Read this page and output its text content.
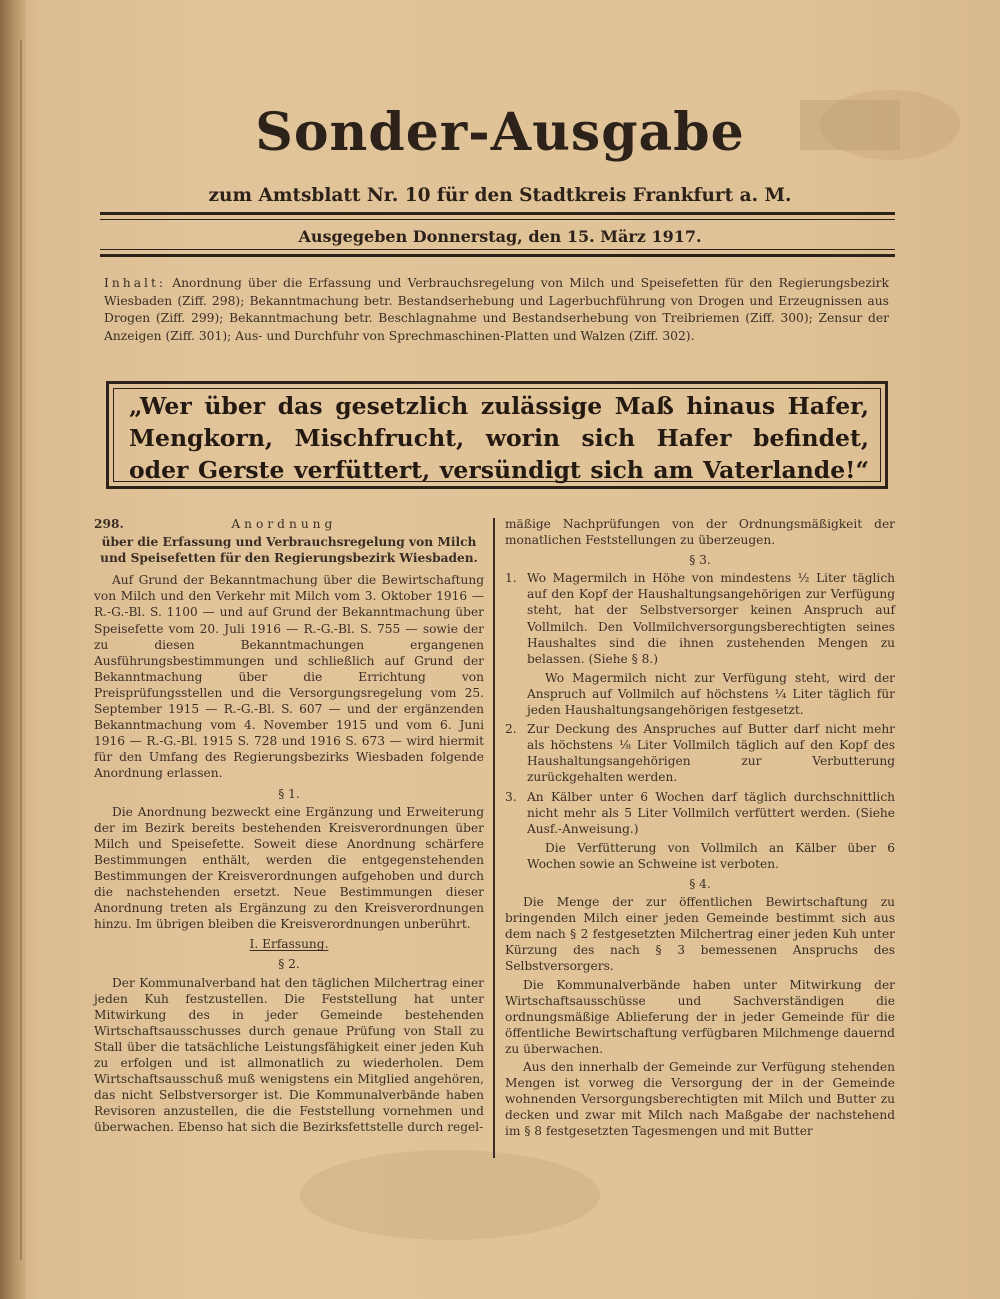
Sonder-Ausgabe
zum Amtsblatt Nr. 10 für den Stadtkreis Frankfurt a. M.
Ausgegeben Donnerstag, den 15. März 1917.
Inhalt: Anordnung über die Erfassung und Verbrauchsregelung von Milch und Speisefetten für den Regierungsbezirk Wiesbaden (Ziff. 298); Bekanntmachung betr. Bestandserhebung und Lagerbuchführung von Drogen und Erzeugnissen aus Drogen (Ziff. 299); Bekanntmachung betr. Beschlagnahme und Bestandserhebung von Treibriemen (Ziff. 300); Zensur der Anzeigen (Ziff. 301); Aus- und Durchfuhr von Sprechmaschinen-Platten und Walzen (Ziff. 302).
„Wer über das gesetzlich zulässige Maß hinaus Hafer, Mengkorn, Mischfrucht, worin sich Hafer befindet, oder Gerste verfüttert, versündigt sich am Vaterlande!“
298.	Anordnung
über die Erfassung und Verbrauchsregelung von Milch und Speisefetten für den Regierungsbezirk Wiesbaden.

Auf Grund der Bekanntmachung über die Bewirtschaftung von Milch und den Verkehr mit Milch vom 3. Oktober 1916 — R.-G.-Bl. S. 1100 — und auf Grund der Bekanntmachung über Speisefette vom 20. Juli 1916 — R.-G.-Bl. S. 755 — sowie der zu diesen Bekanntmachungen ergangenen Ausführungsbestimmungen und schließlich auf Grund der Bekanntmachung über die Errichtung von Preisprüfungsstellen und die Versorgungsregelung vom 25. September 1915 — R.-G.-Bl. S. 607 — und der ergänzenden Bekanntmachung vom 4. November 1915 und vom 6. Juni 1916 — R.-G.-Bl. 1915 S. 728 und 1916 S. 673 — wird hiermit für den Umfang des Regierungsbezirks Wiesbaden folgende Anordnung erlassen.

§ 1.

Die Anordnung bezweckt eine Ergänzung und Erweiterung der im Bezirk bereits bestehenden Kreisverordnungen über Milch und Speisefette. Soweit diese Anordnung schärfere Bestimmungen enthält, werden die entgegenstehenden Bestimmungen der Kreisverordnungen aufgehoben und durch die nachstehenden ersetzt. Neue Bestimmungen dieser Anordnung treten als Ergänzung zu den Kreisverordnungen hinzu. Im übrigen bleiben die Kreisverordnungen unberührt.

I. Erfassung.
§ 2.

Der Kommunalverband hat den täglichen Milchertrag einer jeden Kuh festzustellen. Die Feststellung hat unter Mitwirkung des in jeder Gemeinde bestehenden Wirtschaftsausschusses durch genaue Prüfung von Stall zu Stall über die tatsächliche Leistungsfähigkeit einer jeden Kuh zu erfolgen und ist allmonatlich zu wiederholen. Dem Wirtschaftsausschuß muß wenigstens ein Mitglied angehören, das nicht Selbstversorger ist. Die Kommunalverbände haben Revisoren anzustellen, die die Feststellung vornehmen und überwachen. Ebenso hat sich die Bezirksfettstelle durch regel-

mäßige Nachprüfungen von der Ordnungsmäßigkeit der monatlichen Feststellungen zu überzeugen.

§ 3.
1. Wo Magermilch in Höhe von mindestens ½ Liter täglich auf den Kopf der Haushaltungsangehörigen zur Verfügung steht, hat der Selbstversorger keinen Anspruch auf Vollmilch. Den Vollmilchversorgungsberechtigten seines Haushaltes sind die ihnen zustehenden Mengen zu belassen. (Siehe § 8.)
Wo Magermilch nicht zur Verfügung steht, wird der Anspruch auf Vollmilch auf höchstens ¼ Liter täglich für jeden Haushaltungsangehörigen festgesetzt.
2. Zur Deckung des Anspruches auf Butter darf nicht mehr als höchstens ⅛ Liter Vollmilch täglich auf den Kopf des Haushaltungsangehörigen zur Verbutterung zurückgehalten werden.
3. An Kälber unter 6 Wochen darf täglich durchschnittlich nicht mehr als 5 Liter Vollmilch verfüttert werden. (Siehe Ausf.-Anweisung.)
Die Verfütterung von Vollmilch an Kälber über 6 Wochen sowie an Schweine ist verboten.
§ 4.

Die Menge der zur öffentlichen Bewirtschaftung zu bringenden Milch einer jeden Gemeinde bestimmt sich aus dem nach § 2 festgesetzten Milchertrag einer jeden Kuh unter Kürzung des nach § 3 bemessenen Anspruchs des Selbstversorgers.

Die Kommunalverbände haben unter Mitwirkung der Wirtschaftsausschüsse und Sachverständigen die ordnungsmäßige Ablieferung der in jeder Gemeinde für die öffentliche Bewirtschaftung verfügbaren Milchmenge dauernd zu überwachen.

Aus den innerhalb der Gemeinde zur Verfügung stehenden Mengen ist vorweg die Versorgung der in der Gemeinde wohnenden Versorgungsberechtigten mit Milch und Butter zu decken und zwar mit Milch nach Maßgabe der nachstehend im § 8 festgesetzten Tagesmengen und mit Butter
